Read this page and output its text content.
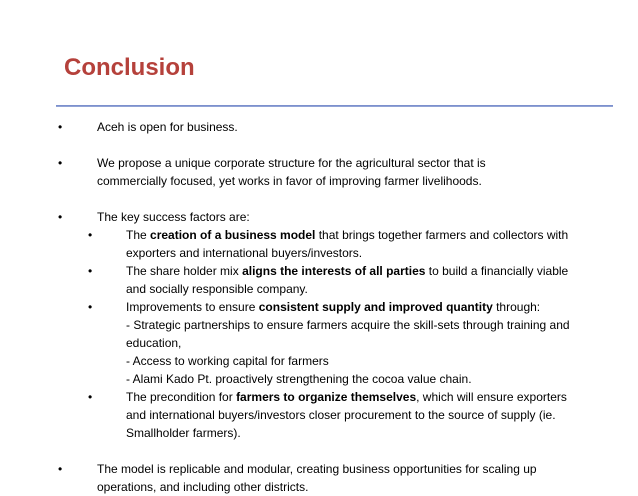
Conclusion
•	Aceh is open for business.
•	We propose a unique corporate structure for the agricultural sector that is commercially focused, yet works in favor of improving farmer livelihoods.
•	The key success factors are:
•	The creation of a business model that brings together farmers and collectors with exporters and international buyers/investors.
•	The share holder mix aligns the interests of all parties to build a financially viable and socially responsible company.
•	Improvements to ensure consistent supply and improved quantity through:
- Strategic partnerships to ensure farmers acquire the skill-sets through training and education,
- Access to working capital for farmers
- Alami Kado Pt. proactively strengthening the cocoa value chain.
•	The precondition for farmers to organize themselves, which will ensure exporters and international buyers/investors closer procurement to the source of supply (ie. Smallholder farmers).
•	The model is replicable and modular, creating business opportunities for scaling up operations, and including other districts.
